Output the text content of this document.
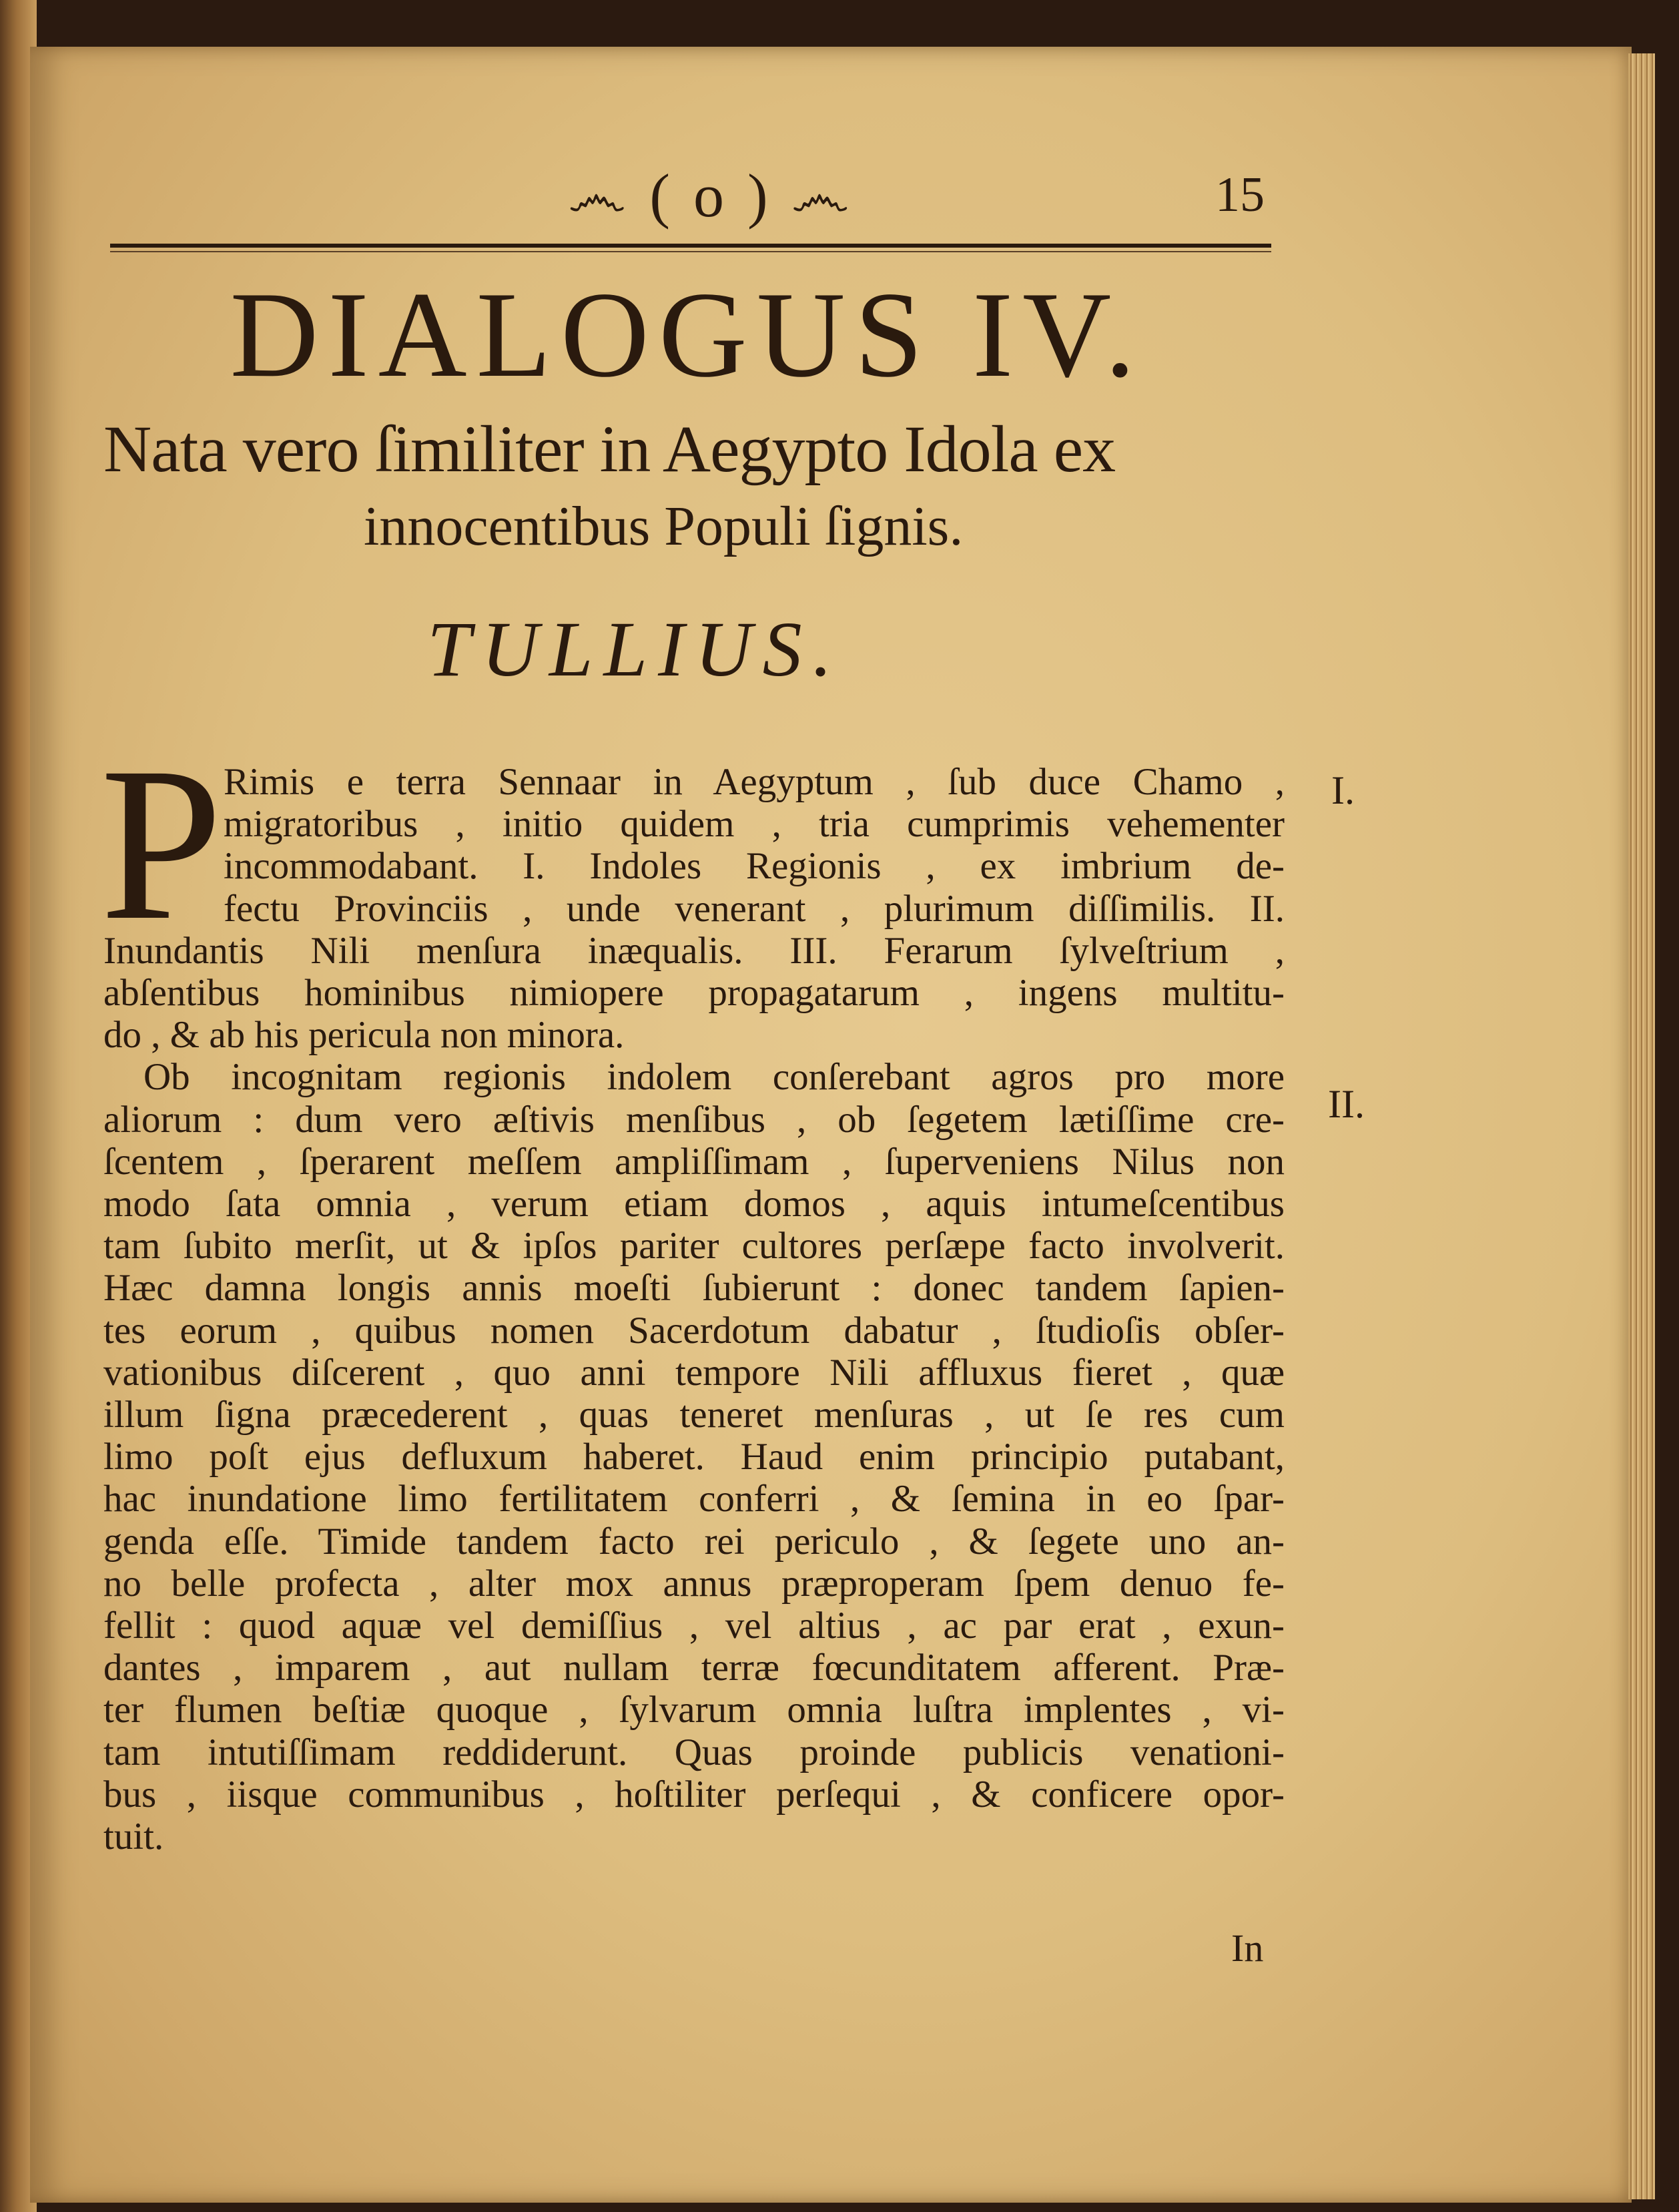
෴ ( o ) ෴	15
DIALOGUS IV.
Nata vero ſimiliter in Aegypto Idola ex
innocentibus Populi ſignis.
TULLIUS.
P Rimis e terra Sennaar in Aegyptum , ſub duce Chamo ,
migratoribus , initio quidem , tria cumprimis vehementer
incommodabant. I. Indoles Regionis , ex imbrium de-
fectu Provinciis , unde venerant , plurimum diſſimilis. II.
Inundantis Nili menſura inæqualis. III. Ferarum ſylveſtrium ,
abſentibus hominibus nimiopere propagatarum , ingens multitu-
do , & ab his pericula non minora.
Ob incognitam regionis indolem conſerebant agros pro more
aliorum : dum vero æſtivis menſibus , ob ſegetem lætiſſime cre-
ſcentem , ſperarent meſſem ampliſſimam , ſuperveniens Nilus non
modo ſata omnia , verum etiam domos , aquis intumeſcentibus
tam ſubito merſit, ut & ipſos pariter cultores perſæpe facto involverit.
Hæc damna longis annis moeſti ſubierunt : donec tandem ſapien-
tes eorum , quibus nomen Sacerdotum dabatur , ſtudioſis obſer-
vationibus diſcerent , quo anni tempore Nili affluxus fieret , quæ
illum ſigna præcederent , quas teneret menſuras , ut ſe res cum
limo poſt ejus defluxum haberet. Haud enim principio putabant,
hac inundatione limo fertilitatem conferri , & ſemina in eo ſpar-
genda eſſe. Timide tandem facto rei periculo , & ſegete uno an-
no belle profecta , alter mox annus præproperam ſpem denuo fe-
fellit : quod aquæ vel demiſſius , vel altius , ac par erat , exun-
dantes , imparem , aut nullam terræ fœcunditatem afferent. Præ-
ter flumen beſtiæ quoque , ſylvarum omnia luſtra implentes , vi-
tam intutiſſimam reddiderunt. Quas proinde publicis venationi-
bus , iisque communibus , hoſtiliter perſequi , & conficere opor-
tuit.
I.
II.
In
